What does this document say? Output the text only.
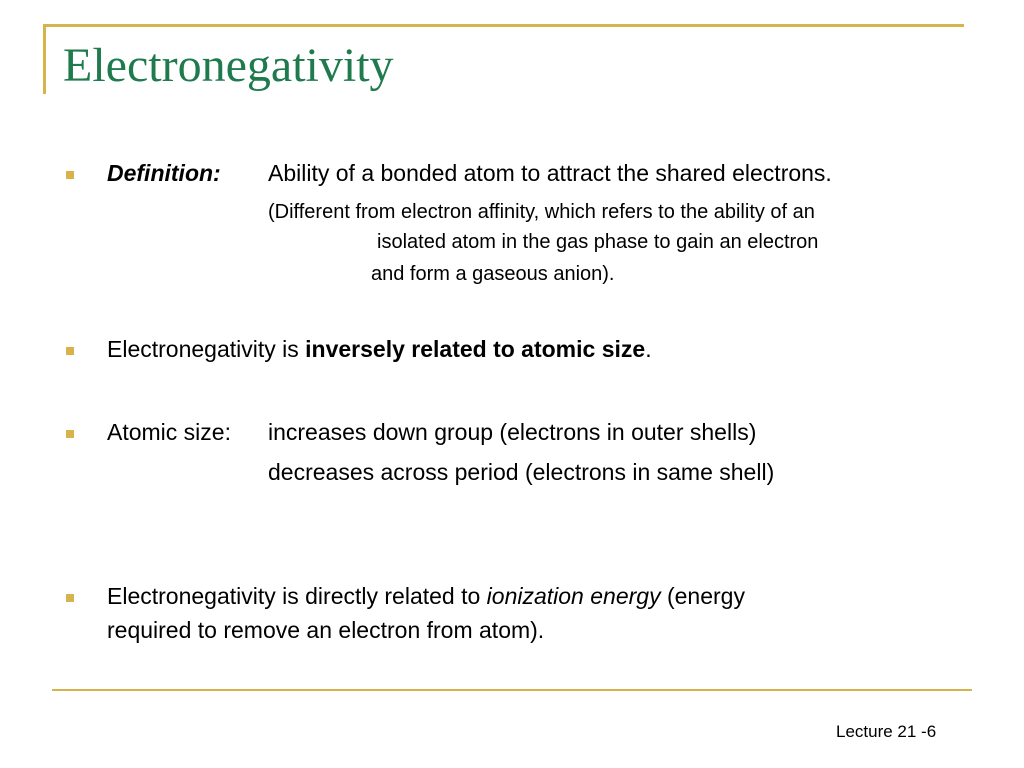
Electronegativity
Definition: Ability of a bonded atom to attract the shared electrons.
(Different from electron affinity, which refers to the ability of an
isolated atom in the gas phase to gain an electron
and form a gaseous anion).
Electronegativity is inversely related to atomic size.
Atomic size: increases down group (electrons in outer shells)
decreases across period (electrons in same shell)
Electronegativity is directly related to ionization energy (energy
required to remove an electron from atom).
Lecture 21 -6
